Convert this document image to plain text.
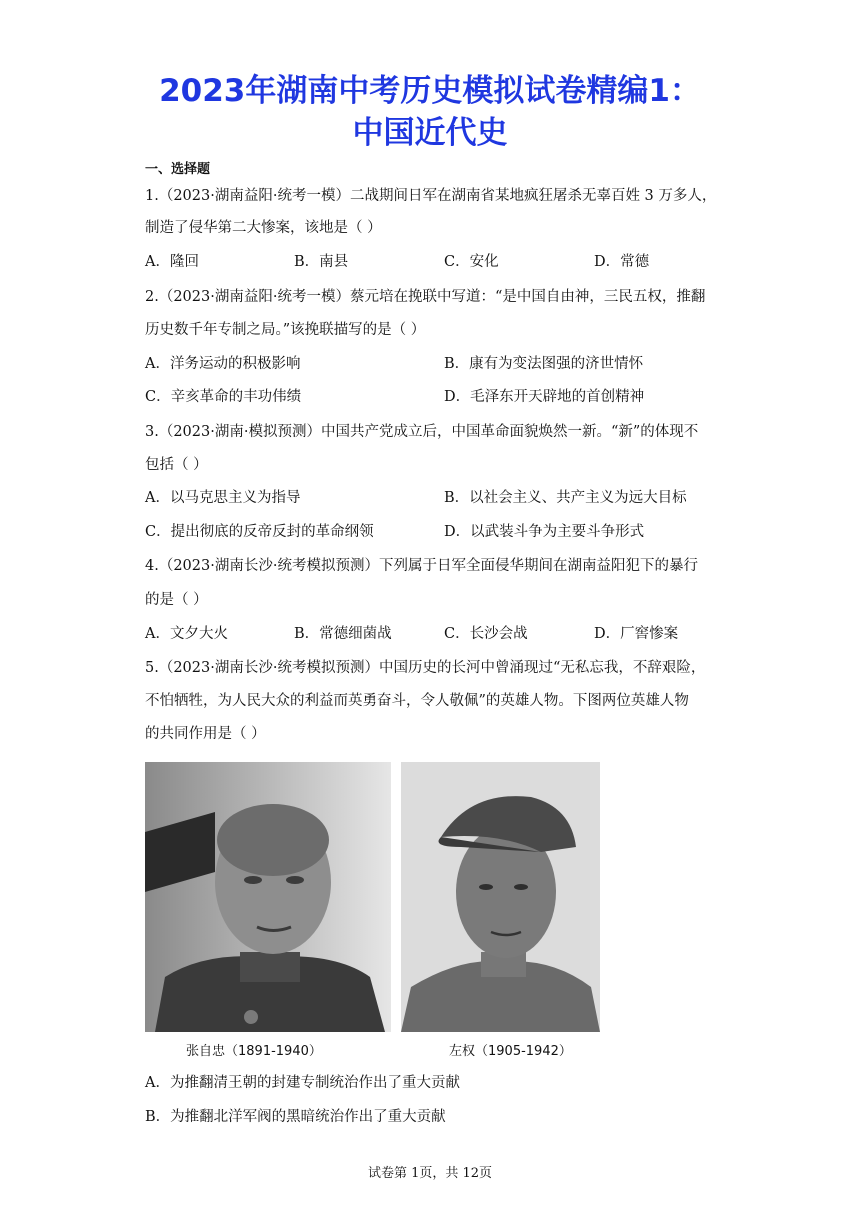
2023年湖南中考历史模拟试卷精编1：
中国近代史
一、选择题
1.（2023·湖南益阳·统考一模）二战期间日军在湖南省某地疯狂屠杀无辜百姓 3 万多人，
制造了侵华第二大惨案，该地是（ ）
A．隆回	B．南县	C．安化	D．常德
2.（2023·湖南益阳·统考一模）蔡元培在挽联中写道：“是中国自由神，三民五权，推翻
历史数千年专制之局。”该挽联描写的是（ ）
A．洋务运动的积极影响	B．康有为变法图强的济世情怀
C．辛亥革命的丰功伟绩	D．毛泽东开天辟地的首创精神
3.（2023·湖南·模拟预测）中国共产党成立后，中国革命面貌焕然一新。“新”的体现不
包括（ ）
A．以马克思主义为指导	B．以社会主义、共产主义为远大目标
C．提出彻底的反帝反封的革命纲领	D．以武装斗争为主要斗争形式
4.（2023·湖南长沙·统考模拟预测）下列属于日军全面侵华期间在湖南益阳犯下的暴行
的是（ ）
A．文夕大火	B．常德细菌战	C．长沙会战	D．厂窖惨案
5.（2023·湖南长沙·统考模拟预测）中国历史的长河中曾涌现过“无私忘我，不辞艰险，
不怕牺牲，为人民大众的利益而英勇奋斗，令人敬佩”的英雄人物。下图两位英雄人物
的共同作用是（ ）
张自忠（1891-1940）	左权（1905-1942）
A．为推翻清王朝的封建专制统治作出了重大贡献
B．为推翻北洋军阀的黑暗统治作出了重大贡献
试卷第 1页，共 12页
